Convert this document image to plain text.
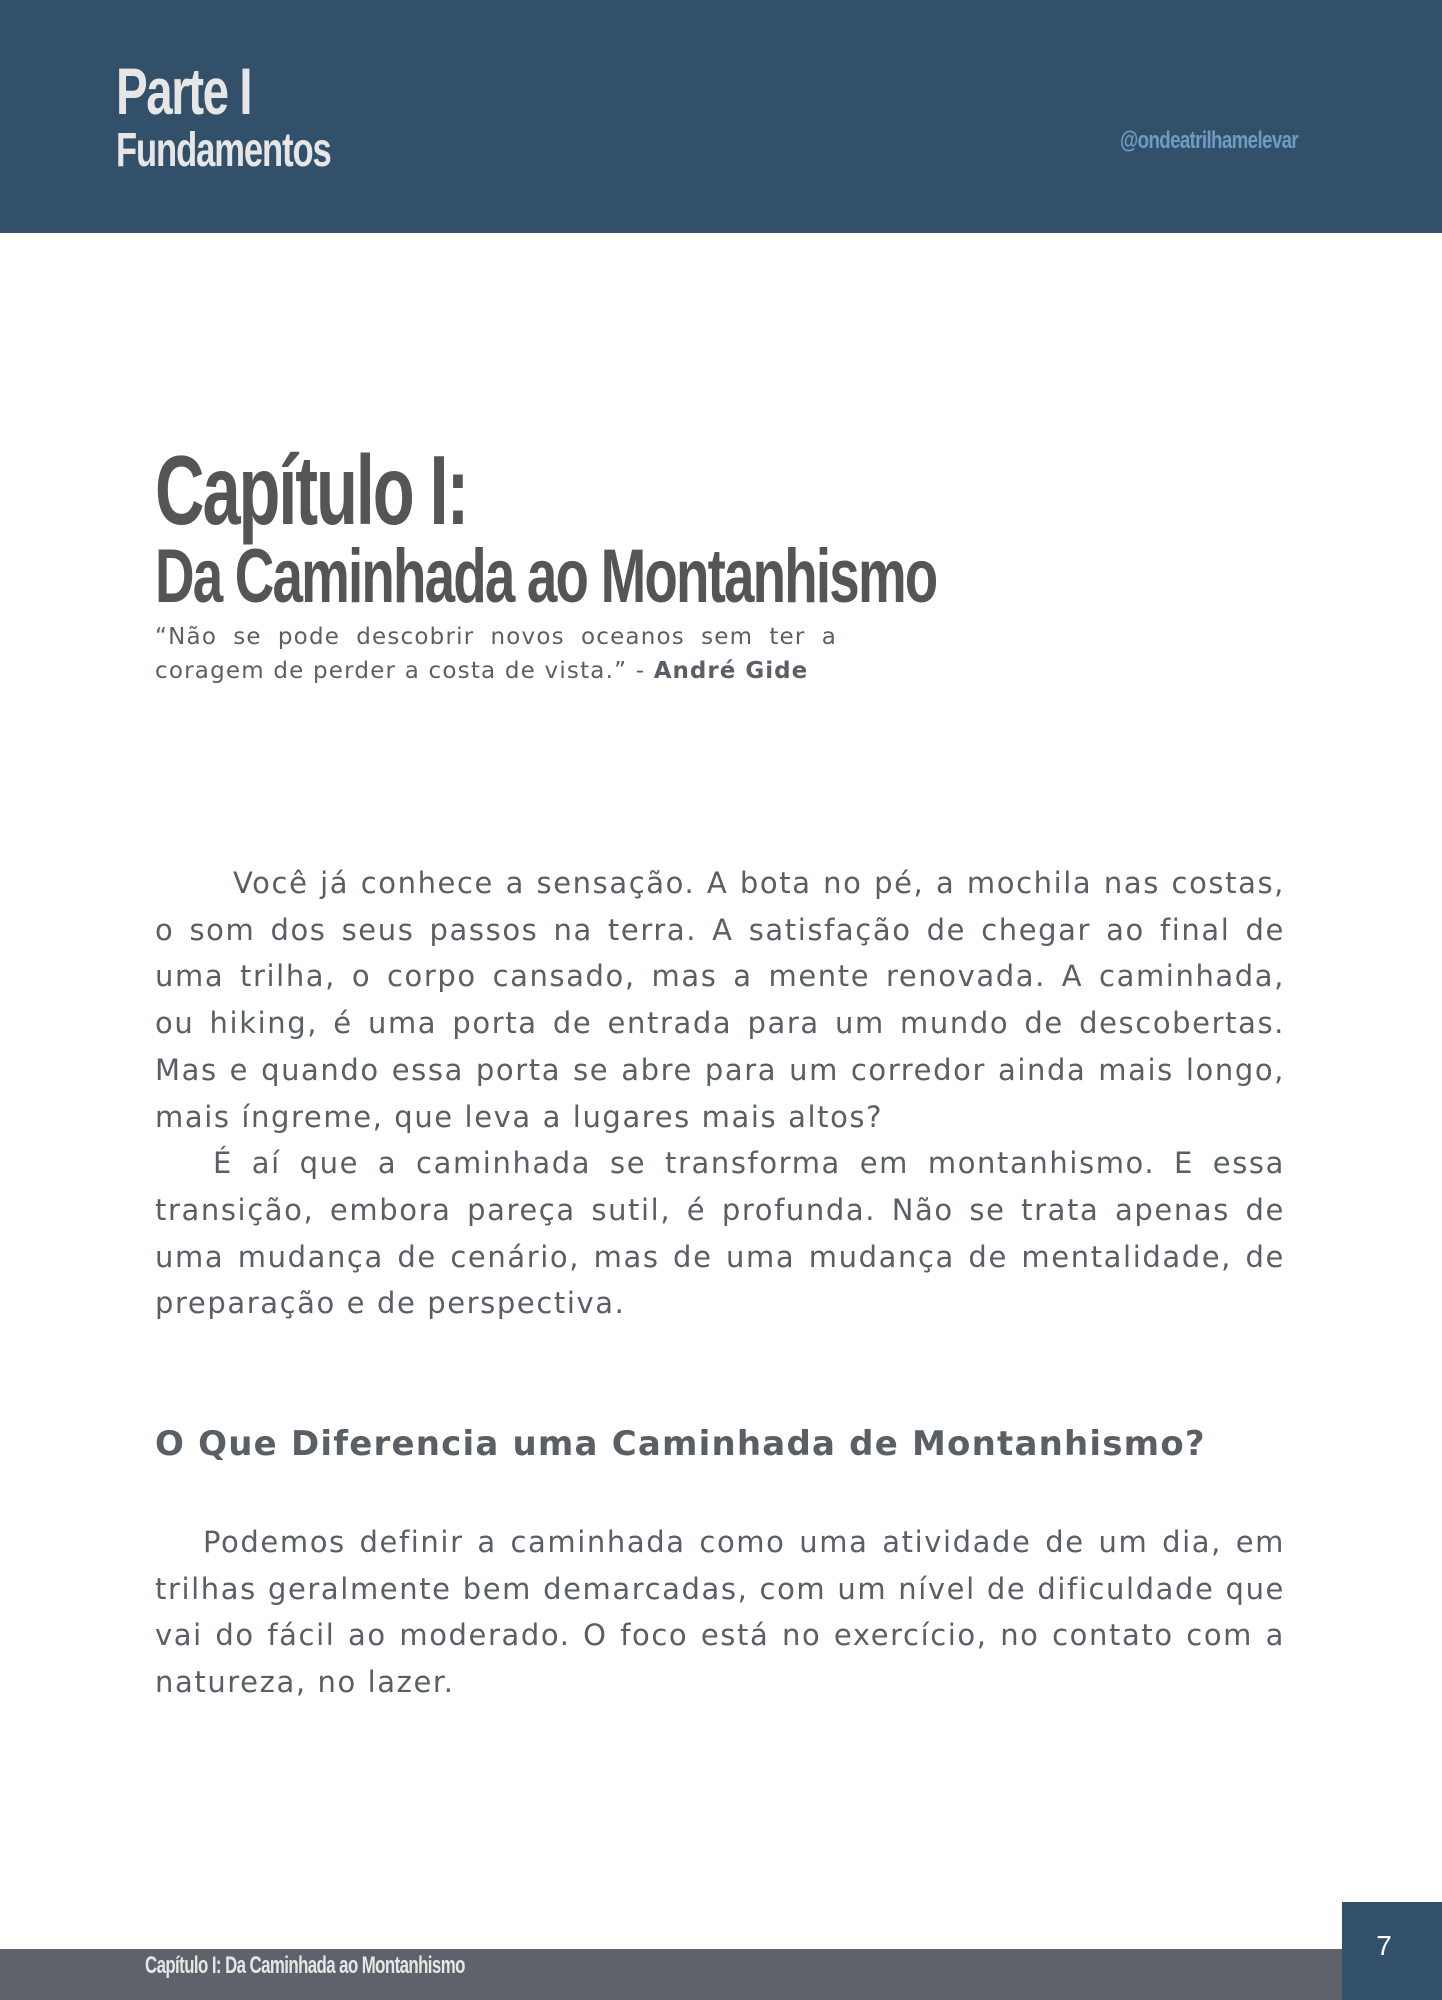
Parte I
Fundamentos	@ondeatrilhamelevar
Capítulo I:
Da Caminhada ao Montanhismo
“Não se pode descobrir novos oceanos sem ter a coragem de perder a costa de vista.” - André Gide

Você já conhece a sensação. A bota no pé, a mochila nas costas, o som dos seus passos na terra. A satisfação de chegar ao final de uma trilha, o corpo cansado, mas a mente renovada. A caminhada, ou hiking, é uma porta de entrada para um mundo de descobertas. Mas e quando essa porta se abre para um corredor ainda mais longo, mais íngreme, que leva a lugares mais altos?

É aí que a caminhada se transforma em montanhismo. E essa transição, embora pareça sutil, é profunda. Não se trata apenas de uma mudança de cenário, mas de uma mudança de mentalidade, de preparação e de perspectiva.

O Que Diferencia uma Caminhada de Montanhismo?

Podemos definir a caminhada como uma atividade de um dia, em trilhas geralmente bem demarcadas, com um nível de dificuldade que vai do fácil ao moderado. O foco está no exercício, no contato com a natureza, no lazer.

Capítulo I: Da Caminhada ao Montanhismo
7
